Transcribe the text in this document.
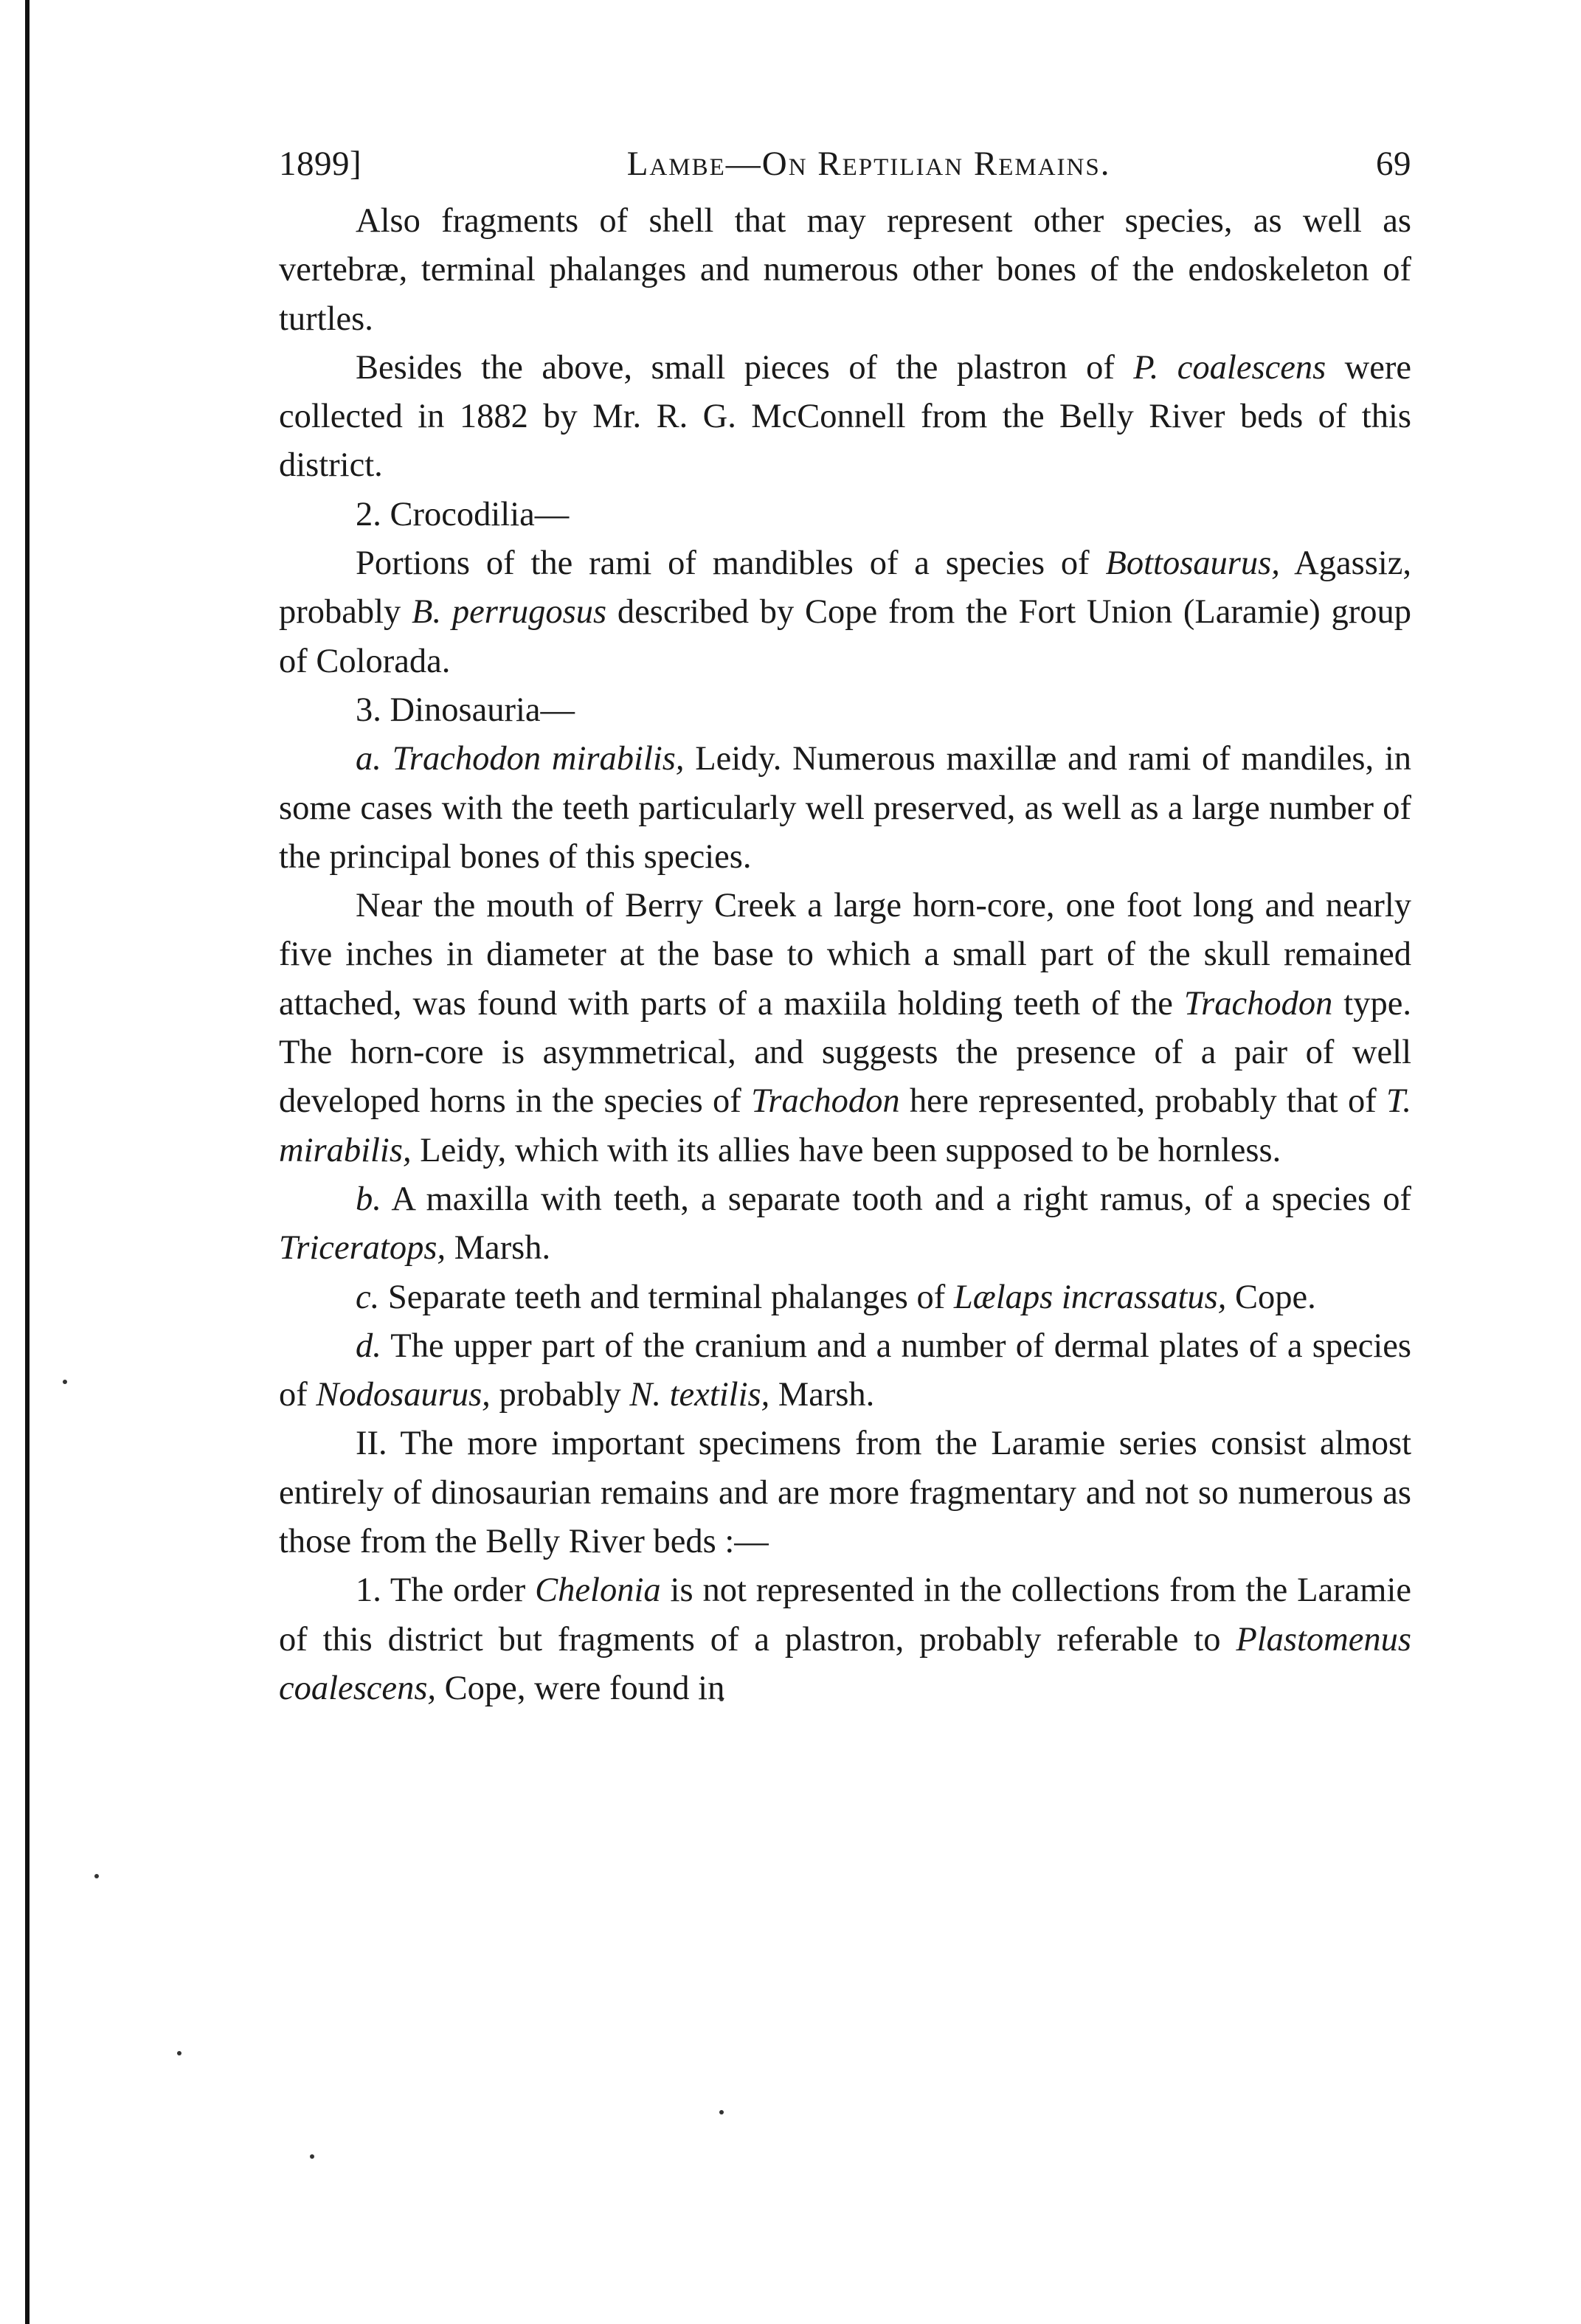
1899]	Lambe—On Reptilian Remains.	69

Also fragments of shell that may represent other species, as well as vertebræ, terminal phalanges and numerous other bones of the endoskeleton of turtles.

Besides the above, small pieces of the plastron of P. coalescens were collected in 1882 by Mr. R. G. McConnell from the Belly River beds of this district.

2. Crocodilia—

Portions of the rami of mandibles of a species of Bottosaurus, Agassiz, probably B. perrugosus described by Cope from the Fort Union (Laramie) group of Colorada.

3. Dinosauria—

a. Trachodon mirabilis, Leidy. Numerous maxillæ and rami of mandiles, in some cases with the teeth particularly well preserved, as well as a large number of the principal bones of this species.

Near the mouth of Berry Creek a large horn-core, one foot long and nearly five inches in diameter at the base to which a small part of the skull remained attached, was found with parts of a maxiila holding teeth of the Trachodon type. The horn-core is asymmetrical, and suggests the presence of a pair of well developed horns in the species of Trachodon here represented, probably that of T. mirabilis, Leidy, which with its allies have been supposed to be hornless.

b. A maxilla with teeth, a separate tooth and a right ramus, of a species of Triceratops, Marsh.

c. Separate teeth and terminal phalanges of Lælaps incrassatus, Cope.

d. The upper part of the cranium and a number of dermal plates of a species of Nodosaurus, probably N. textilis, Marsh.

II. The more important specimens from the Laramie series consist almost entirely of dinosaurian remains and are more fragmentary and not so numerous as those from the Belly River beds :—

1. The order Chelonia is not represented in the collections from the Laramie of this district but fragments of a plastron, probably referable to Plastomenus coalescens, Cope, were found in
